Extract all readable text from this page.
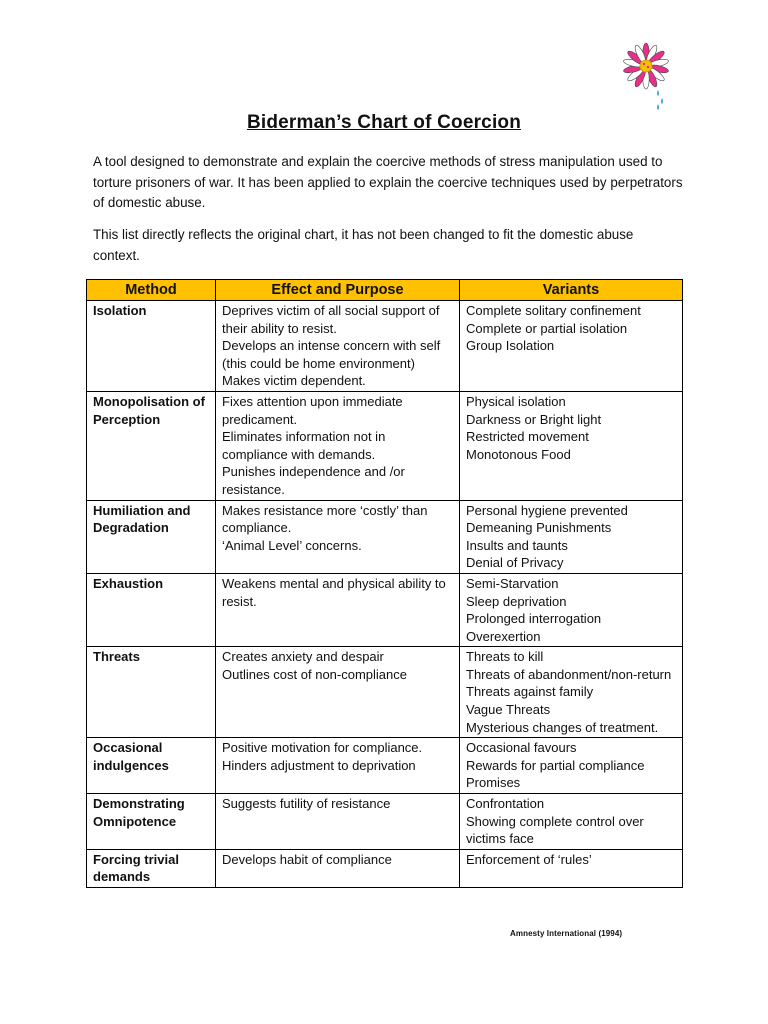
Biderman’s Chart of Coercion
A tool designed to demonstrate and explain the coercive methods of stress manipulation used to torture prisoners of war. It has been applied to explain the coercive techniques used by perpetrators of domestic abuse.
This list directly reflects the original chart, it has not been changed to fit the domestic abuse context.
Method	Effect and Purpose	Variants

Isolation	Deprives victim of all social support of their ability to resist.
Develops an intense concern with self (this could be home environment)
Makes victim dependent.	Complete solitary confinement
Complete or partial isolation
Group Isolation

Monopolisation of Perception	Fixes attention upon immediate predicament.
Eliminates information not in compliance with demands.
Punishes independence and /or resistance.	Physical isolation
Darkness or Bright light
Restricted movement
Monotonous Food

Humiliation and Degradation	Makes resistance more ‘costly’ than compliance.
‘Animal Level’ concerns.	Personal hygiene prevented
Demeaning Punishments
Insults and taunts
Denial of Privacy

Exhaustion	Weakens mental and physical ability to resist.	Semi-Starvation
Sleep deprivation
Prolonged interrogation
Overexertion

Threats	Creates anxiety and despair
Outlines cost of non-compliance	Threats to kill
Threats of abandonment/non-return
Threats against family
Vague Threats
Mysterious changes of treatment.

Occasional indulgences	Positive motivation for compliance.
Hinders adjustment to deprivation	Occasional favours
Rewards for partial compliance
Promises

Demonstrating Omnipotence	Suggests futility of resistance	Confrontation
Showing complete control over victims face

Forcing trivial demands	Develops habit of compliance	Enforcement of ‘rules’
Amnesty International (1994)
